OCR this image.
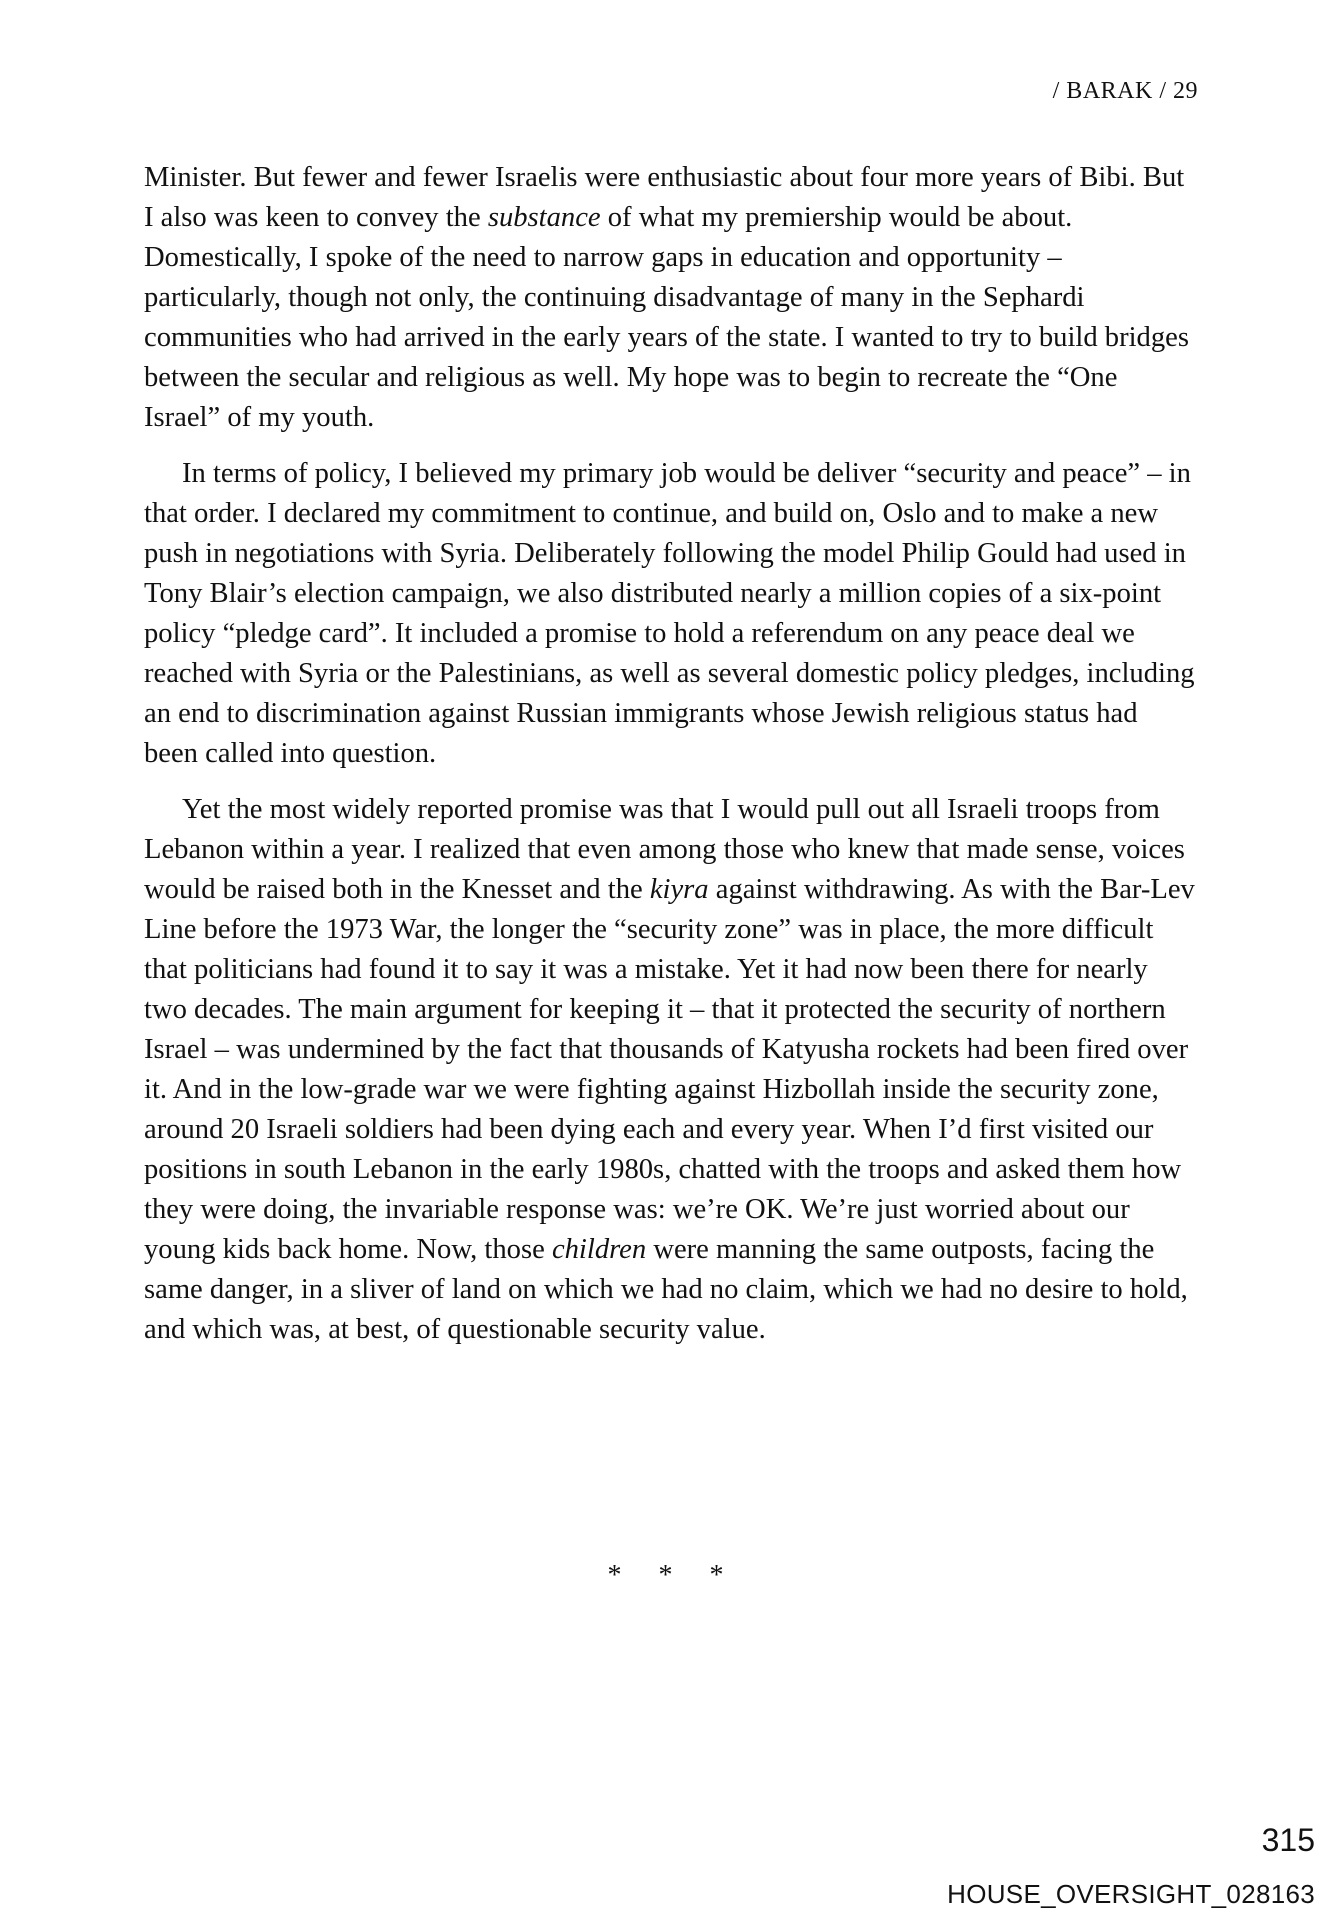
/ BARAK / 29

Minister. But fewer and fewer Israelis were enthusiastic about four more years of Bibi. But I also was keen to convey the substance of what my premiership would be about. Domestically, I spoke of the need to narrow gaps in education and opportunity – particularly, though not only, the continuing disadvantage of many in the Sephardi communities who had arrived in the early years of the state. I wanted to try to build bridges between the secular and religious as well. My hope was to begin to recreate the “One Israel” of my youth.

In terms of policy, I believed my primary job would be deliver “security and peace” – in that order. I declared my commitment to continue, and build on, Oslo and to make a new push in negotiations with Syria. Deliberately following the model Philip Gould had used in Tony Blair’s election campaign, we also distributed nearly a million copies of a six-point policy “pledge card”. It included a promise to hold a referendum on any peace deal we reached with Syria or the Palestinians, as well as several domestic policy pledges, including an end to discrimination against Russian immigrants whose Jewish religious status had been called into question.

Yet the most widely reported promise was that I would pull out all Israeli troops from Lebanon within a year. I realized that even among those who knew that made sense, voices would be raised both in the Knesset and the kiyra against withdrawing. As with the Bar-Lev Line before the 1973 War, the longer the “security zone” was in place, the more difficult that politicians had found it to say it was a mistake. Yet it had now been there for nearly two decades. The main argument for keeping it – that it protected the security of northern Israel – was undermined by the fact that thousands of Katyusha rockets had been fired over it. And in the low-grade war we were fighting against Hizbollah inside the security zone, around 20 Israeli soldiers had been dying each and every year. When I’d first visited our positions in south Lebanon in the early 1980s, chatted with the troops and asked them how they were doing, the invariable response was: we’re OK. We’re just worried about our young kids back home. Now, those children were manning the same outposts, facing the same danger, in a sliver of land on which we had no claim, which we had no desire to hold, and which was, at best, of questionable security value.

* * *
315
HOUSE_OVERSIGHT_028163
